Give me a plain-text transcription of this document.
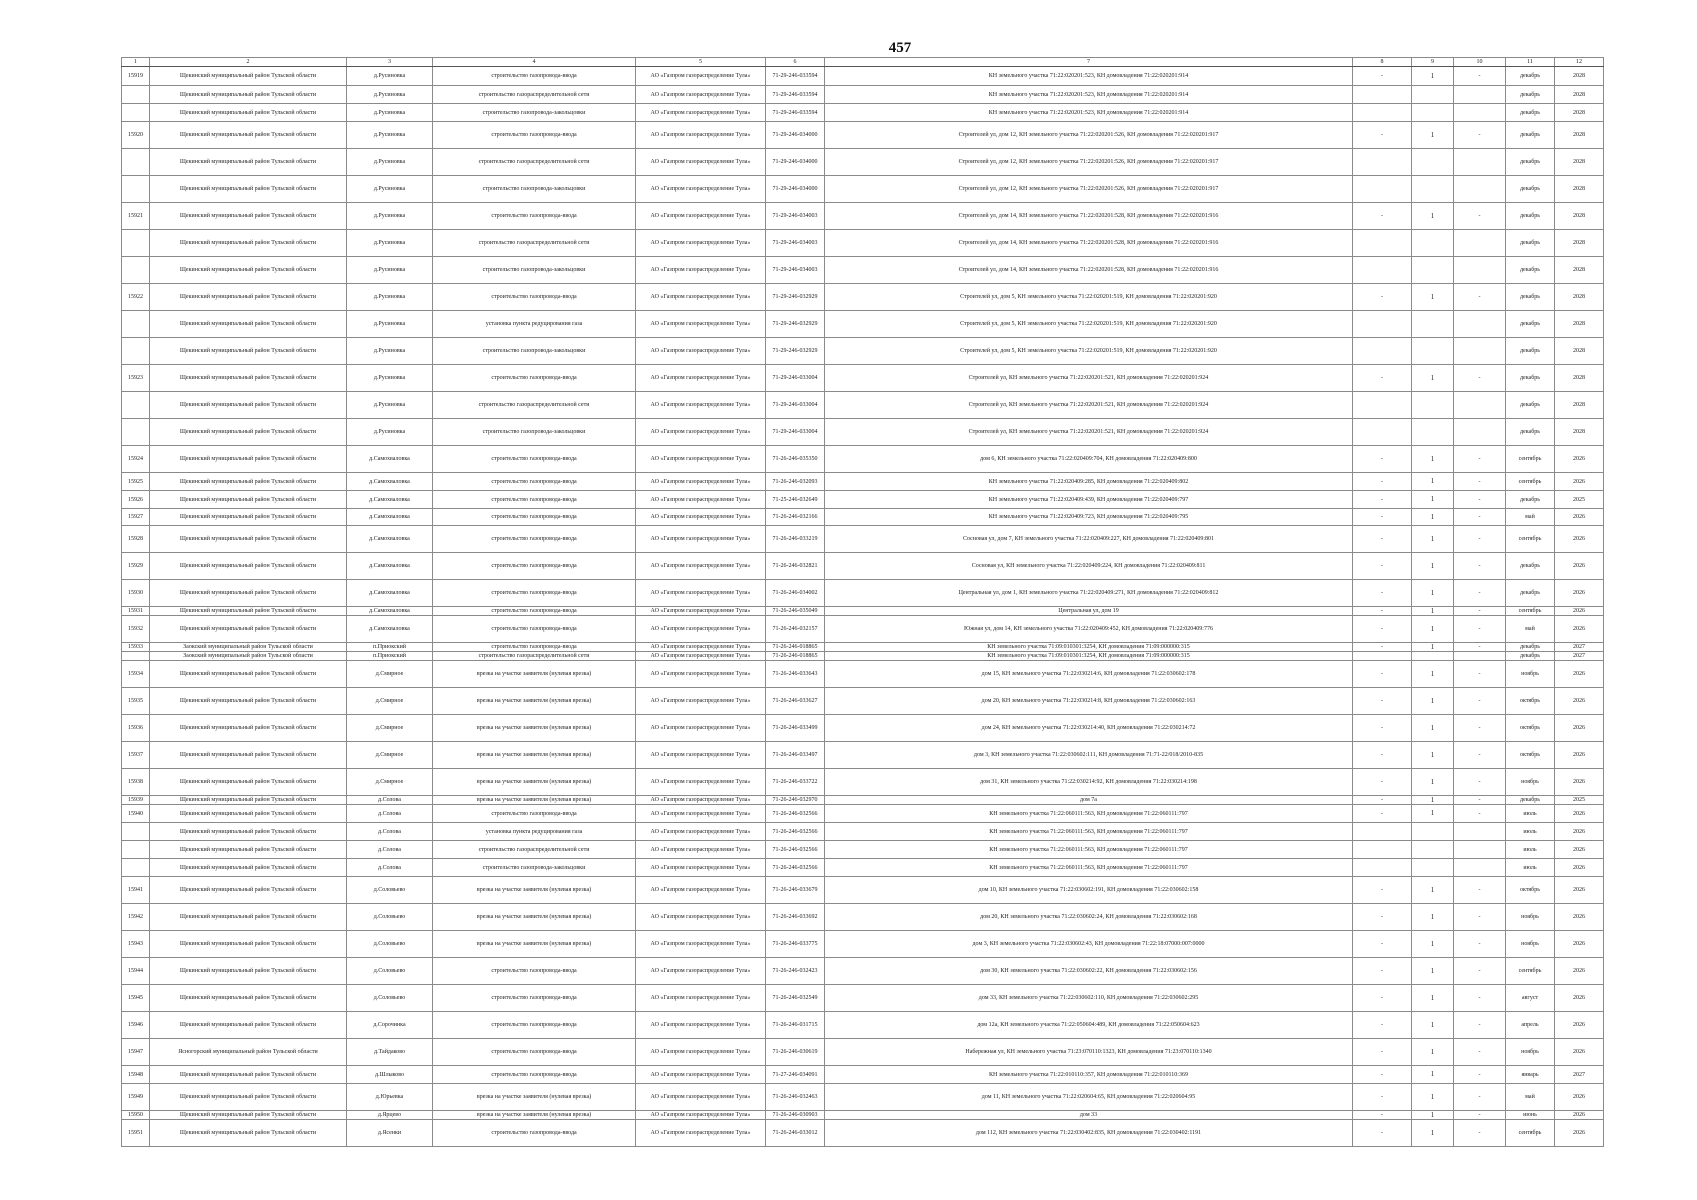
457
1	2	3	4	5	6	7	8	9	10	11	12
15919	Щекинский муниципальный район Тульской области	д.Русиновка	строительство газопровода-ввода	АО «Газпром газораспределение Тула»	71-29-246-033594	КН земельного участка 71:22:020201:523, КН домовладения 71:22:020201:914	-	1	-	декабрь	2028
	Щекинский муниципальный район Тульской области	д.Русиновка	строительство газораспределительной сети	АО «Газпром газораспределение Тула»	71-29-246-033594	КН земельного участка 71:22:020201:523, КН домовладения 71:22:020201:914				декабрь	2028
	Щекинский муниципальный район Тульской области	д.Русиновка	строительство газопровода-закольцовки	АО «Газпром газораспределение Тула»	71-29-246-033594	КН земельного участка 71:22:020201:523, КН домовладения 71:22:020201:914				декабрь	2028
15920	Щекинский муниципальный район Тульской области	д.Русиновка	строительство газопровода-ввода	АО «Газпром газораспределение Тула»	71-29-246-034000	Строителей ул, дом 12, КН земельного участка 71:22:020201:526, КН домовладения 71:22:020201:917	-	1	-	декабрь	2028
	Щекинский муниципальный район Тульской области	д.Русиновка	строительство газораспределительной сети	АО «Газпром газораспределение Тула»	71-29-246-034000	Строителей ул, дом 12, КН земельного участка 71:22:020201:526, КН домовладения 71:22:020201:917				декабрь	2028
	Щекинский муниципальный район Тульской области	д.Русиновка	строительство газопровода-закольцовки	АО «Газпром газораспределение Тула»	71-29-246-034000	Строителей ул, дом 12, КН земельного участка 71:22:020201:526, КН домовладения 71:22:020201:917				декабрь	2028
15921	Щекинский муниципальный район Тульской области	д.Русиновка	строительство газопровода-ввода	АО «Газпром газораспределение Тула»	71-29-246-034003	Строителей ул, дом 14, КН земельного участка 71:22:020201:528, КН домовладения 71:22:020201:916	-	1	-	декабрь	2028
	Щекинский муниципальный район Тульской области	д.Русиновка	строительство газораспределительной сети	АО «Газпром газораспределение Тула»	71-29-246-034003	Строителей ул, дом 14, КН земельного участка 71:22:020201:528, КН домовладения 71:22:020201:916				декабрь	2028
	Щекинский муниципальный район Тульской области	д.Русиновка	строительство газопровода-закольцовки	АО «Газпром газораспределение Тула»	71-29-246-034003	Строителей ул, дом 14, КН земельного участка 71:22:020201:528, КН домовладения 71:22:020201:916				декабрь	2028
15922	Щекинский муниципальный район Тульской области	д.Русиновка	строительство газопровода-ввода	АО «Газпром газораспределение Тула»	71-29-246-032929	Строителей ул, дом 5, КН земельного участка 71:22:020201:519, КН домовладения 71:22:020201:920	-	1	-	декабрь	2028
	Щекинский муниципальный район Тульской области	д.Русиновка	установка пункта редуцирования газа	АО «Газпром газораспределение Тула»	71-29-246-032929	Строителей ул, дом 5, КН земельного участка 71:22:020201:519, КН домовладения 71:22:020201:920				декабрь	2028
	Щекинский муниципальный район Тульской области	д.Русиновка	строительство газопровода-закольцовки	АО «Газпром газораспределение Тула»	71-29-246-032929	Строителей ул, дом 5, КН земельного участка 71:22:020201:519, КН домовладения 71:22:020201:920				декабрь	2028
15923	Щекинский муниципальный район Тульской области	д.Русиновка	строительство газопровода-ввода	АО «Газпром газораспределение Тула»	71-29-246-033004	Строителей ул, КН земельного участка 71:22:020201:521, КН домовладения 71:22:020201:924	-	1	-	декабрь	2028
	Щекинский муниципальный район Тульской области	д.Русиновка	строительство газораспределительной сети	АО «Газпром газораспределение Тула»	71-29-246-033004	Строителей ул, КН земельного участка 71:22:020201:521, КН домовладения 71:22:020201:924				декабрь	2028
	Щекинский муниципальный район Тульской области	д.Русиновка	строительство газопровода-закольцовки	АО «Газпром газораспределение Тула»	71-29-246-033004	Строителей ул, КН земельного участка 71:22:020201:521, КН домовладения 71:22:020201:924				декабрь	2028
15924	Щекинский муниципальный район Тульской области	д.Самохваловка	строительство газопровода-ввода	АО «Газпром газораспределение Тула»	71-26-246-035350	дом 6, КН земельного участка 71:22:020409:704, КН домовладения 71:22:020409:800	-	1	-	сентябрь	2026
15925	Щекинский муниципальный район Тульской области	д.Самохваловка	строительство газопровода-ввода	АО «Газпром газораспределение Тула»	71-26-246-032093	КН земельного участка 71:22:020409:285, КН домовладения 71:22:020409:802	-	1	-	сентябрь	2026
15926	Щекинский муниципальный район Тульской области	д.Самохваловка	строительство газопровода-ввода	АО «Газпром газораспределение Тула»	71-25-246-032649	КН земельного участка 71:22:020409:439, КН домовладения 71:22:020409:797	-	1	-	декабрь	2025
15927	Щекинский муниципальный район Тульской области	д.Самохваловка	строительство газопровода-ввода	АО «Газпром газораспределение Тула»	71-26-246-032166	КН земельного участка 71:22:020409:723, КН домовладения 71:22:020409:795	-	1	-	май	2026
15928	Щекинский муниципальный район Тульской области	д.Самохваловка	строительство газопровода-ввода	АО «Газпром газораспределение Тула»	71-26-246-033219	Сосновая ул, дом 7, КН земельного участка 71:22:020409:227, КН домовладения 71:22:020409:801	-	1	-	сентябрь	2026
15929	Щекинский муниципальный район Тульской области	д.Самохваловка	строительство газопровода-ввода	АО «Газпром газораспределение Тула»	71-26-246-032821	Сосновая ул, КН земельного участка 71:22:020409:224, КН домовладения 71:22:020409:811	-	1	-	декабрь	2026
15930	Щекинский муниципальный район Тульской области	д.Самохваловка	строительство газопровода-ввода	АО «Газпром газораспределение Тула»	71-26-246-034002	Центральная ул, дом 1, КН земельного участка 71:22:020409:271, КН домовладения 71:22:020409:812	-	1	-	декабрь	2026
15931	Щекинский муниципальный район Тульской области	д.Самохваловка	строительство газопровода-ввода	АО «Газпром газораспределение Тула»	71-26-246-035049	Центральная ул, дом 19	-	1	-	сентябрь	2026
15932	Щекинский муниципальный район Тульской области	д.Самохваловка	строительство газопровода-ввода	АО «Газпром газораспределение Тула»	71-26-246-032157	Южная ул, дом 14, КН земельного участка 71:22:020409:452, КН домовладения 71:22:020409:776	-	1	-	май	2026
15933	Заокский муниципальный район Тульской области	п.Приокский	строительство газопровода-ввода	АО «Газпром газораспределение Тула»	71-26-246-018865	КН земельного участка 71:09:010301:3254, КН домовладения 71:09:000000:315	-	1	-	декабрь	2027
	Заокский муниципальный район Тульской области	п.Приокский	строительство газораспределительной сети	АО «Газпром газораспределение Тула»	71-26-246-018865	КН земельного участка 71:09:010301:3254, КН домовладения 71:09:000000:315				декабрь	2027
15934	Щекинский муниципальный район Тульской области	д.Смирное	врезка на участке заявителя (нулевая врезка)	АО «Газпром газораспределение Тула»	71-26-246-033643	дом 15, КН земельного участка 71:22:030214:6, КН домовладения 71:22:030602:178	-	1	-	ноябрь	2026
15935	Щекинский муниципальный район Тульской области	д.Смирное	врезка на участке заявителя (нулевая врезка)	АО «Газпром газораспределение Тула»	71-26-246-033627	дом 20, КН земельного участка 71:22:030214:8, КН домовладения 71:22:030602:163	-	1	-	октябрь	2026
15936	Щекинский муниципальный район Тульской области	д.Смирное	врезка на участке заявителя (нулевая врезка)	АО «Газпром газораспределение Тула»	71-26-246-033499	дом 24, КН земельного участка 71:22:030214:40, КН домовладения 71:22:030214:72	-	1	-	октябрь	2026
15937	Щекинский муниципальный район Тульской области	д.Смирное	врезка на участке заявителя (нулевая врезка)	АО «Газпром газораспределение Тула»	71-26-246-033497	дом 3, КН земельного участка 71:22:030602:111, КН домовладения 71:71-22/018/2010-835	-	1	-	октябрь	2026
15938	Щекинский муниципальный район Тульской области	д.Смирное	врезка на участке заявителя (нулевая врезка)	АО «Газпром газораспределение Тула»	71-26-246-033722	дом 31, КН земельного участка 71:22:030214:92, КН домовладения 71:22:030214:198	-	1	-	ноябрь	2026
15939	Щекинский муниципальный район Тульской области	д.Солова	врезка на участке заявителя (нулевая врезка)	АО «Газпром газораспределение Тула»	71-26-246-032970	дом 7а	-	1	-	декабрь	2025
15940	Щекинский муниципальный район Тульской области	д.Солова	строительство газопровода-ввода	АО «Газпром газораспределение Тула»	71-26-246-032566	КН земельного участка 71:22:060111:563, КН домовладения 71:22:060111:797	-	1	-	июль	2026
	Щекинский муниципальный район Тульской области	д.Солова	установка пункта редуцирования газа	АО «Газпром газораспределение Тула»	71-26-246-032566	КН земельного участка 71:22:060111:563, КН домовладения 71:22:060111:797				июль	2026
	Щекинский муниципальный район Тульской области	д.Солова	строительство газораспределительной сети	АО «Газпром газораспределение Тула»	71-26-246-032566	КН земельного участка 71:22:060111:563, КН домовладения 71:22:060111:797				июль	2026
	Щекинский муниципальный район Тульской области	д.Солова	строительство газопровода-закольцовки	АО «Газпром газораспределение Тула»	71-26-246-032566	КН земельного участка 71:22:060111:563, КН домовладения 71:22:060111:797				июль	2026
15941	Щекинский муниципальный район Тульской области	д.Соловьево	врезка на участке заявителя (нулевая врезка)	АО «Газпром газораспределение Тула»	71-26-246-033679	дом 10, КН земельного участка 71:22:030602:191, КН домовладения 71:22:030602:158	-	1	-	октябрь	2026
15942	Щекинский муниципальный район Тульской области	д.Соловьево	врезка на участке заявителя (нулевая врезка)	АО «Газпром газораспределение Тула»	71-26-246-033692	дом 20, КН земельного участка 71:22:030602:24, КН домовладения 71:22:030602:168	-	1	-	ноябрь	2026
15943	Щекинский муниципальный район Тульской области	д.Соловьево	врезка на участке заявителя (нулевая врезка)	АО «Газпром газораспределение Тула»	71-26-246-033775	дом 3, КН земельного участка 71:22:030602:43, КН домовладения 71:22:18:07000:007:0000	-	1	-	ноябрь	2026
15944	Щекинский муниципальный район Тульской области	д.Соловьево	строительство газопровода-ввода	АО «Газпром газораспределение Тула»	71-26-246-032423	дом 30, КН земельного участка 71:22:030602:22, КН домовладения 71:22:030602:156	-	1	-	сентябрь	2026
15945	Щекинский муниципальный район Тульской области	д.Соловьево	строительство газопровода-ввода	АО «Газпром газораспределение Тула»	71-26-246-032549	дом 33, КН земельного участка 71:22:030602:110, КН домовладения 71:22:030602:295	-	1	-	август	2026
15946	Щекинский муниципальный район Тульской области	д.Сорочинка	строительство газопровода-ввода	АО «Газпром газораспределение Тула»	71-26-246-031715	дом 12а, КН земельного участка 71:22:050604:489, КН домовладения 71:22:050604:623	-	1	-	апрель	2026
15947	Ясногорский муниципальный район Тульской области	д.Тайдаково	строительство газопровода-ввода	АО «Газпром газораспределение Тула»	71-26-246-030619	Набережная ул, КН земельного участка 71:23:070110:1323, КН домовладения 71:23:070110:1340	-	1	-	ноябрь	2026
15948	Щекинский муниципальный район Тульской области	д.Шлыково	строительство газопровода-ввода	АО «Газпром газораспределение Тула»	71-27-246-034091	КН земельного участка 71:22:010110:357, КН домовладения 71:22:010110:369	-	1	-	январь	2027
15949	Щекинский муниципальный район Тульской области	д.Юрьевка	врезка на участке заявителя (нулевая врезка)	АО «Газпром газораспределение Тула»	71-26-246-032463	дом 11, КН земельного участка 71:22:020604:65, КН домовладения 71:22:020604:95	-	1	-	май	2026
15950	Щекинский муниципальный район Тульской области	д.Ярцево	врезка на участке заявителя (нулевая врезка)	АО «Газпром газораспределение Тула»	71-26-246-030903	дом 33	-	1	-	июнь	2026
15951	Щекинский муниципальный район Тульской области	д.Ясенки	строительство газопровода-ввода	АО «Газпром газораспределение Тула»	71-26-246-033012	дом 112, КН земельного участка 71:22:030402:835, КН домовладения 71:22:030402:1191	-	1	-	сентябрь	2026
